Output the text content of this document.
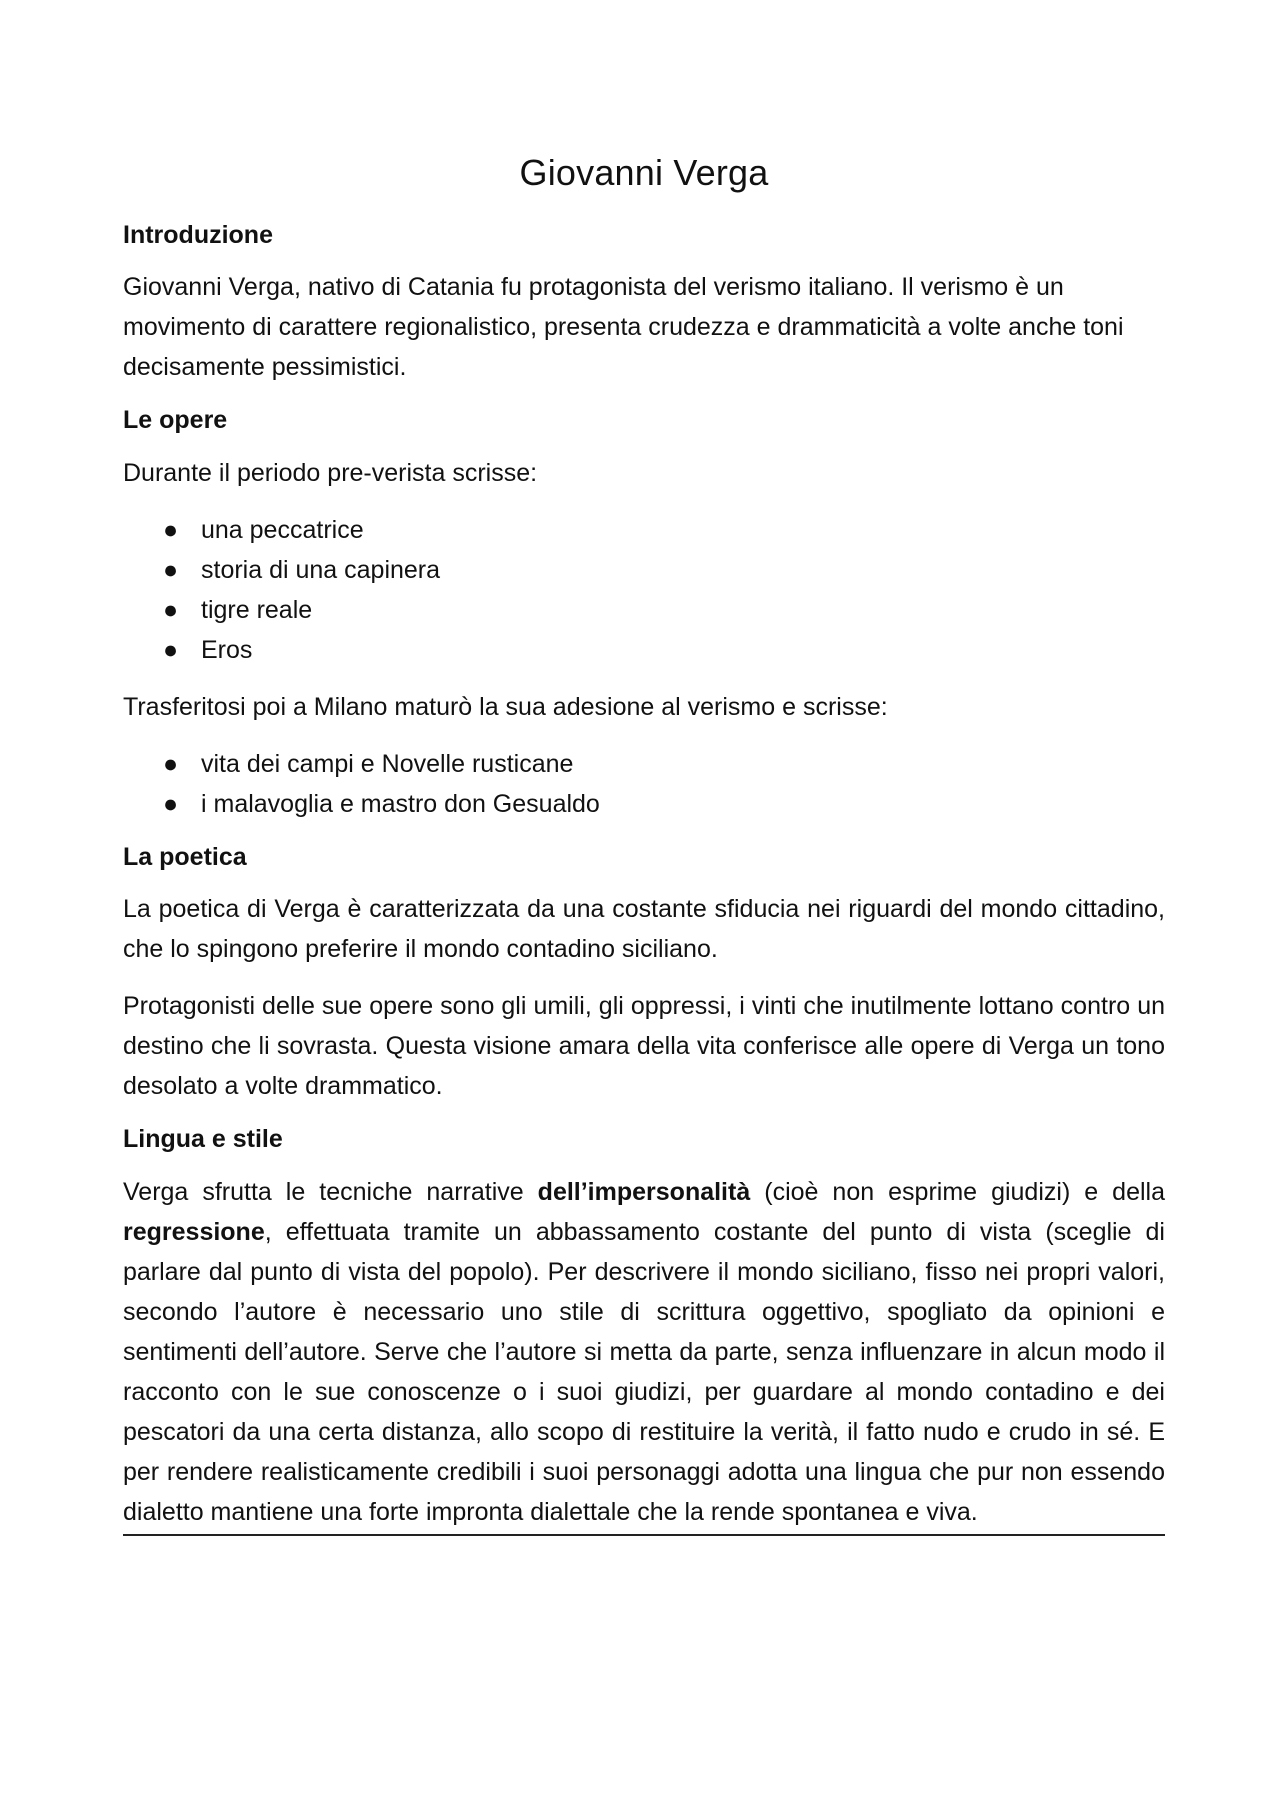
Giovanni Verga
Introduzione

Giovanni Verga, nativo di Catania fu protagonista del verismo italiano. Il verismo è un movimento di carattere regionalistico, presenta crudezza e drammaticità a volte anche toni decisamente pessimistici.

Le opere

Durante il periodo pre-verista scrisse:

● una peccatrice
● storia di una capinera
● tigre reale
● Eros

Trasferitosi poi a Milano maturò la sua adesione al verismo e scrisse:

● vita dei campi e Novelle rusticane
● i malavoglia e mastro don Gesualdo
La poetica

La poetica di Verga è caratterizzata da una costante sfiducia nei riguardi del mondo cittadino, che lo spingono preferire il mondo contadino siciliano.

Protagonisti delle sue opere sono gli umili, gli oppressi, i vinti che inutilmente lottano contro un destino che li sovrasta. Questa visione amara della vita conferisce alle opere di Verga un tono desolato a volte drammatico.

Lingua e stile

Verga sfrutta le tecniche narrative dell’impersonalità (cioè non esprime giudizi) e della regressione, effettuata tramite un abbassamento costante del punto di vista (sceglie di parlare dal punto di vista del popolo). Per descrivere il mondo siciliano, fisso nei propri valori, secondo l’autore è necessario uno stile di scrittura oggettivo, spogliato da opinioni e sentimenti dell’autore. Serve che l’autore si metta da parte, senza influenzare in alcun modo il racconto con le sue conoscenze o i suoi giudizi, per guardare al mondo contadino e dei pescatori da una certa distanza, allo scopo di restituire la verità, il fatto nudo e crudo in sé. E per rendere realisticamente credibili i suoi personaggi adotta una lingua che pur non essendo dialetto mantiene una forte impronta dialettale che la rende spontanea e viva.
